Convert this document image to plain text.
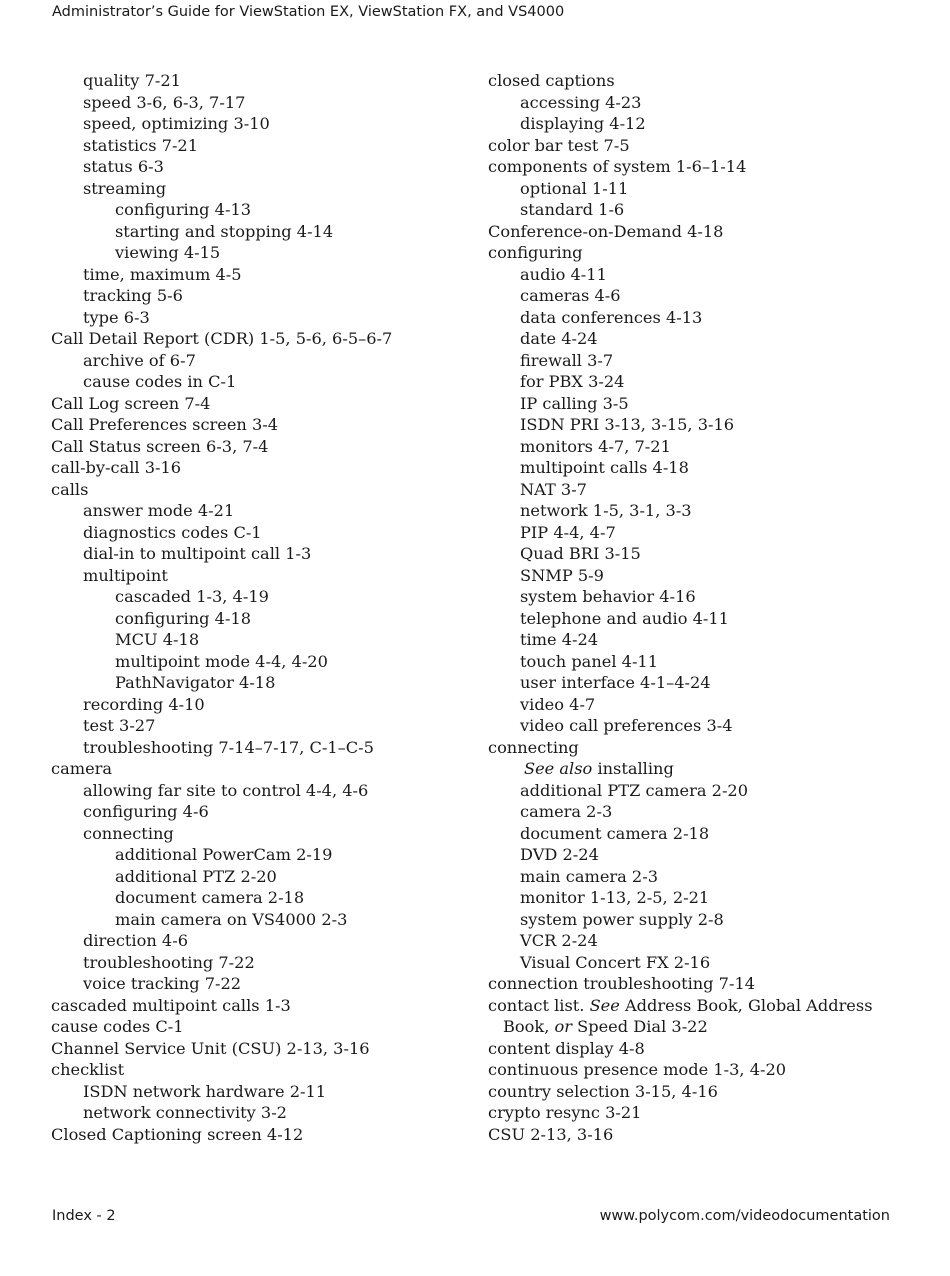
Administrator’s Guide for ViewStation EX, ViewStation FX, and VS4000
quality 7-21
speed 3-6, 6-3, 7-17
speed, optimizing 3-10
statistics 7-21
status 6-3
streaming
configuring 4-13
starting and stopping 4-14
viewing 4-15
time, maximum 4-5
tracking 5-6
type 6-3
Call Detail Report (CDR) 1-5, 5-6, 6-5–6-7
archive of 6-7
cause codes in C-1
Call Log screen 7-4
Call Preferences screen 3-4
Call Status screen 6-3, 7-4
call-by-call 3-16
calls
answer mode 4-21
diagnostics codes C-1
dial-in to multipoint call 1-3
multipoint
cascaded 1-3, 4-19
configuring 4-18
MCU 4-18
multipoint mode 4-4, 4-20
PathNavigator 4-18
recording 4-10
test 3-27
troubleshooting 7-14–7-17, C-1–C-5
camera
allowing far site to control 4-4, 4-6
configuring 4-6
connecting
additional PowerCam 2-19
additional PTZ 2-20
document camera 2-18
main camera on VS4000 2-3
direction 4-6
troubleshooting 7-22
voice tracking 7-22
cascaded multipoint calls 1-3
cause codes C-1
Channel Service Unit (CSU) 2-13, 3-16
checklist
ISDN network hardware 2-11
network connectivity 3-2
Closed Captioning screen 4-12
closed captions
accessing 4-23
displaying 4-12
color bar test 7-5
components of system 1-6–1-14
optional 1-11
standard 1-6
Conference-on-Demand 4-18
configuring
audio 4-11
cameras 4-6
data conferences 4-13
date 4-24
firewall 3-7
for PBX 3-24
IP calling 3-5
ISDN PRI 3-13, 3-15, 3-16
monitors 4-7, 7-21
multipoint calls 4-18
NAT 3-7
network 1-5, 3-1, 3-3
PIP 4-4, 4-7
Quad BRI 3-15
SNMP 5-9
system behavior 4-16
telephone and audio 4-11
time 4-24
touch panel 4-11
user interface 4-1–4-24
video 4-7
video call preferences 3-4
connecting
See also installing
additional PTZ camera 2-20
camera 2-3
document camera 2-18
DVD 2-24
main camera 2-3
monitor 1-13, 2-5, 2-21
system power supply 2-8
VCR 2-24
Visual Concert FX 2-16
connection troubleshooting 7-14
contact list. See Address Book, Global Address
Book, or Speed Dial 3-22
content display 4-8
continuous presence mode 1-3, 4-20
country selection 3-15, 4-16
crypto resync 3-21
CSU 2-13, 3-16
Index - 2	www.polycom.com/videodocumentation
